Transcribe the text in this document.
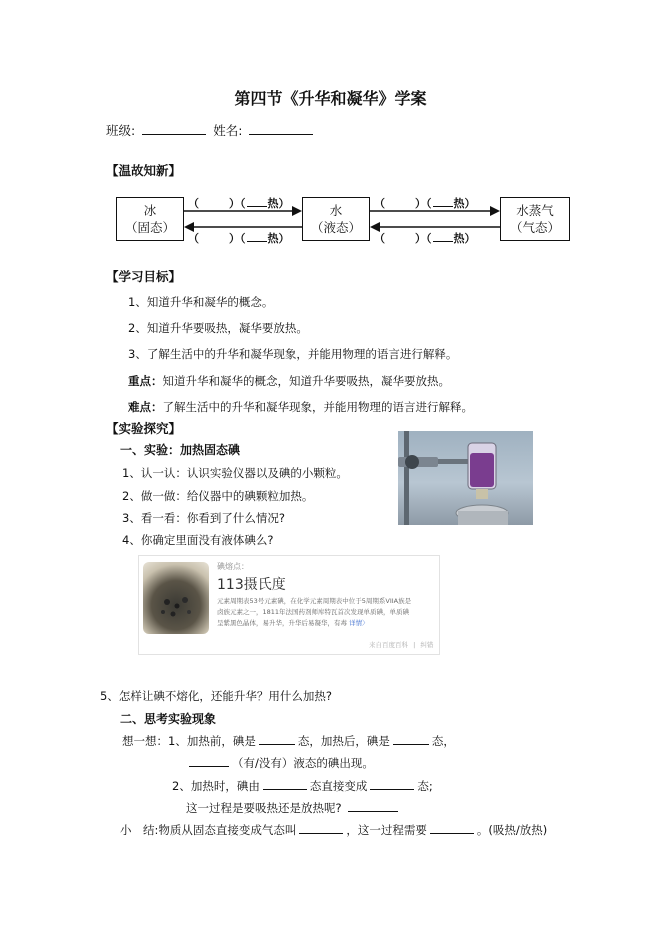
第四节《升华和凝华》学案
班级:	姓名:
【温故知新】
冰
（固态）
水
（液态）
水蒸气
（气态）
（	）（ 热）
（	）（ 热）
（	）（ 热）
（	）（ 热）
【学习目标】
1、知道升华和凝华的概念。
2、知道升华要吸热，凝华要放热。
3、了解生活中的升华和凝华现象，并能用物理的语言进行解释。
重点：知道升华和凝华的概念，知道升华要吸热，凝华要放热。
难点：了解生活中的升华和凝华现象，并能用物理的语言进行解释。
【实验探究】
一、实验：加热固态碘
1、认一认：认识实验仪器以及碘的小颗粒。
2、做一做：给仪器中的碘颗粒加热。
3、看一看：你看到了什么情况?
4、你确定里面没有液体碘么?
碘熔点：
113摄氏度
元素周期表53号元素碘，在化学元素周期表中位于5周期系VIIA族是
卤族元素之一，1811年法国药剂师库特瓦首次发现单质碘，单质碘
呈紫黑色晶体，易升华，升华后易凝华，有毒 详情〉
来自百度百科 | 纠错
5、怎样让碘不熔化，还能升华？用什么加热?
二、思考实验现象
想一想：1、加热前，碘是	态，加热后，碘是	态，
（有/没有）液态的碘出现。
2、加热时，碘由	态直接变成	态;
这一过程是要吸热还是放热呢?
小　结:物质从固态直接变成气态叫	，这一过程需要	。(吸热/放热)
